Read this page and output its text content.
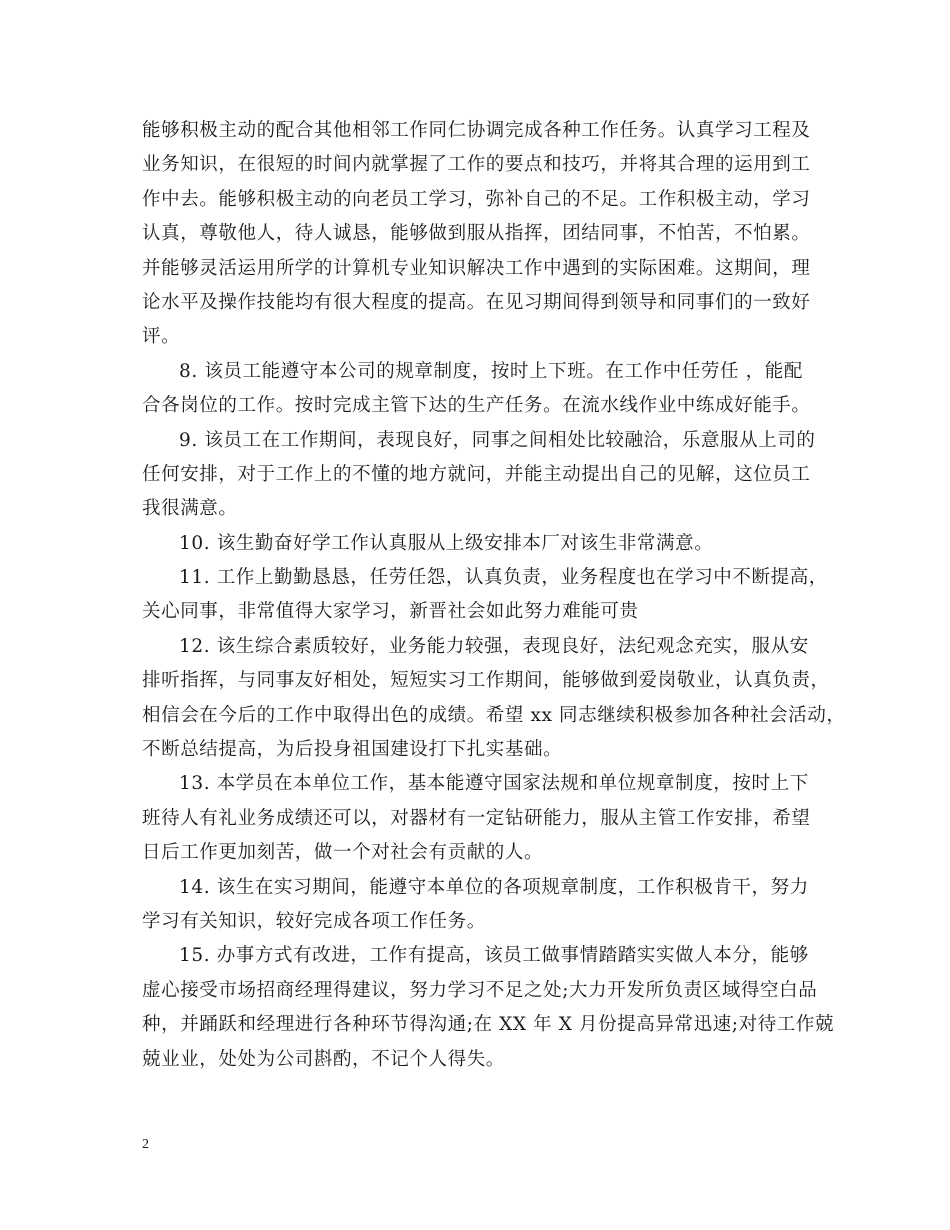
能够积极主动的配合其他相邻工作同仁协调完成各种工作任务。认真学习工程及
业务知识，在很短的时间内就掌握了工作的要点和技巧，并将其合理的运用到工
作中去。能够积极主动的向老员工学习，弥补自己的不足。工作积极主动，学习
认真，尊敬他人，待人诚恳，能够做到服从指挥，团结同事，不怕苦，不怕累。
并能够灵活运用所学的计算机专业知识解决工作中遇到的实际困难。这期间，理
论水平及操作技能均有很大程度的提高。在见习期间得到领导和同事们的一致好
评。
8. 该员工能遵守本公司的规章制度，按时上下班。在工作中任劳任 ，能配
合各岗位的工作。按时完成主管下达的生产任务。在流水线作业中练成好能手。
9. 该员工在工作期间，表现良好，同事之间相处比较融洽，乐意服从上司的
任何安排，对于工作上的不懂的地方就问，并能主动提出自己的见解，这位员工
我很满意。
10. 该生勤奋好学工作认真服从上级安排本厂对该生非常满意。
11. 工作上勤勤恳恳，任劳任怨，认真负责，业务程度也在学习中不断提高，
关心同事，非常值得大家学习，新晋社会如此努力难能可贵
12. 该生综合素质较好，业务能力较强，表现良好，法纪观念充实，服从安
排听指挥，与同事友好相处，短短实习工作期间，能够做到爱岗敬业，认真负责，
相信会在今后的工作中取得出色的成绩。希望 xx 同志继续积极参加各种社会活动，
不断总结提高，为后投身祖国建设打下扎实基础。
13. 本学员在本单位工作，基本能遵守国家法规和单位规章制度，按时上下
班待人有礼业务成绩还可以，对器材有一定钻研能力，服从主管工作安排，希望
日后工作更加刻苦，做一个对社会有贡献的人。
14. 该生在实习期间，能遵守本单位的各项规章制度，工作积极肯干，努力
学习有关知识，较好完成各项工作任务。
15. 办事方式有改进，工作有提高，该员工做事情踏踏实实做人本分，能够
虚心接受市场招商经理得建议，努力学习不足之处;大力开发所负责区域得空白品
种，并踊跃和经理进行各种环节得沟通;在 XX 年 X 月份提高异常迅速;对待工作兢
兢业业，处处为公司斟酌，不记个人得失。
2
